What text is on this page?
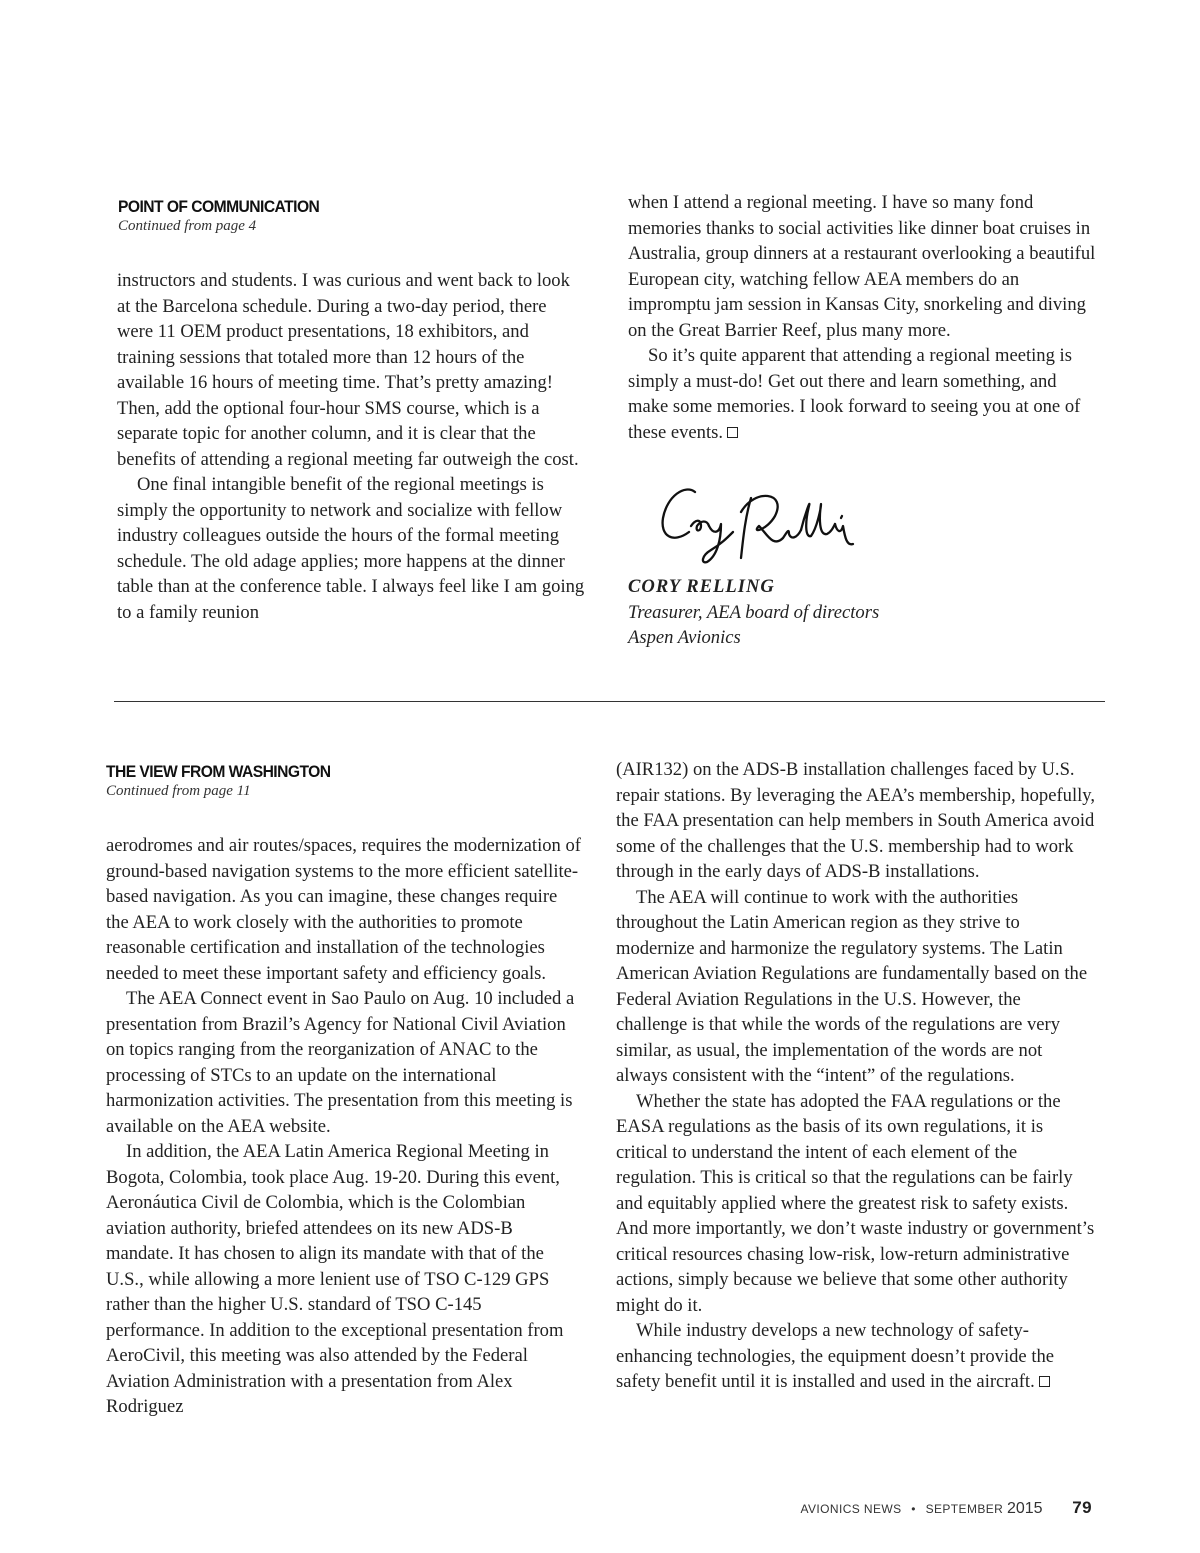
POINT OF COMMUNICATION
Continued from page 4

instructors and students. I was curious and went back to look at the Barcelona schedule. During a two-day period, there were 11 OEM product presentations, 18 exhibitors, and training sessions that totaled more than 12 hours of the available 16 hours of meeting time. That’s pretty amazing! Then, add the optional four-hour SMS course, which is a separate topic for another column, and it is clear that the benefits of attending a regional meeting far outweigh the cost.

One final intangible benefit of the regional meetings is simply the opportunity to network and socialize with fellow industry colleagues outside the hours of the formal meeting schedule. The old adage applies; more happens at the dinner table than at the conference table. I always feel like I am going to a family reunion

when I attend a regional meeting. I have so many fond memories thanks to social activities like dinner boat cruises in Australia, group dinners at a restaurant overlooking a beautiful European city, watching fellow AEA members do an impromptu jam session in Kansas City, snorkeling and diving on the Great Barrier Reef, plus many more.

So it’s quite apparent that attending a regional meeting is simply a must-do! Get out there and learn something, and make some memories. I look forward to seeing you at one of these events.

CORY RELLING

Treasurer, AEA board of directors

Aspen Avionics

THE VIEW FROM WASHINGTON
Continued from page 11

aerodromes and air routes/spaces, requires the modernization of ground-based navigation systems to the more efficient satellite-based navigation. As you can imagine, these changes require the AEA to work closely with the authorities to promote reasonable certification and installation of the technologies needed to meet these important safety and efficiency goals.

The AEA Connect event in Sao Paulo on Aug. 10 included a presentation from Brazil’s Agency for National Civil Aviation on topics ranging from the reorganization of ANAC to the processing of STCs to an update on the international harmonization activities. The presentation from this meeting is available on the AEA website.

In addition, the AEA Latin America Regional Meeting in Bogota, Colombia, took place Aug. 19-20. During this event, Aeronáutica Civil de Colombia, which is the Colombian aviation authority, briefed attendees on its new ADS-B mandate. It has chosen to align its mandate with that of the U.S., while allowing a more lenient use of TSO C-129 GPS rather than the higher U.S. standard of TSO C-145 performance. In addition to the exceptional presentation from AeroCivil, this meeting was also attended by the Federal Aviation Administration with a presentation from Alex Rodriguez

(AIR132) on the ADS-B installation challenges faced by U.S. repair stations. By leveraging the AEA’s membership, hopefully, the FAA presentation can help members in South America avoid some of the challenges that the U.S. membership had to work through in the early days of ADS-B installations.

The AEA will continue to work with the authorities throughout the Latin American region as they strive to modernize and harmonize the regulatory systems. The Latin American Aviation Regulations are fundamentally based on the Federal Aviation Regulations in the U.S. However, the challenge is that while the words of the regulations are very similar, as usual, the implementation of the words are not always consistent with the “intent” of the regulations.

Whether the state has adopted the FAA regulations or the EASA regulations as the basis of its own regulations, it is critical to understand the intent of each element of the regulation. This is critical so that the regulations can be fairly and equitably applied where the greatest risk to safety exists. And more importantly, we don’t waste industry or government’s critical resources chasing low-risk, low-return administrative actions, simply because we believe that some other authority might do it.

While industry develops a new technology of safety-enhancing technologies, the equipment doesn’t provide the safety benefit until it is installed and used in the aircraft.

AVIONICS NEWS • SEPTEMBER 2015 79
